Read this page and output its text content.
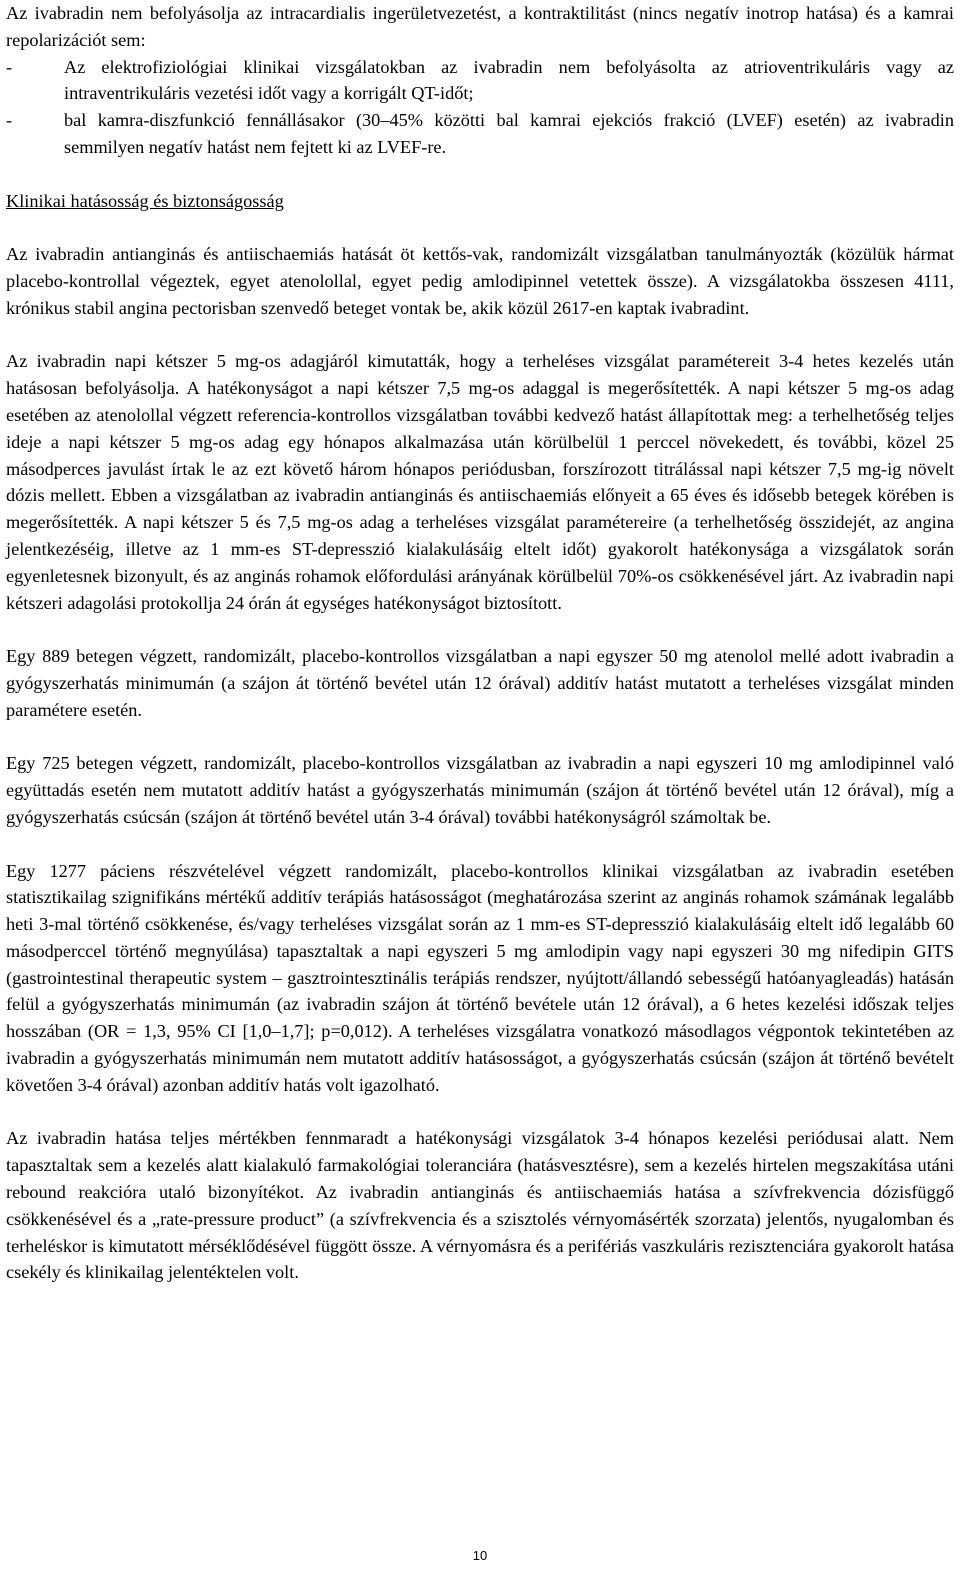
Az ivabradin nem befolyásolja az intracardialis ingerületvezetést, a kontraktilitást (nincs negatív inotrop hatása) és a kamrai repolarizációt sem:

-	Az elektrofiziológiai klinikai vizsgálatokban az ivabradin nem befolyásolta az atrioventrikuláris vagy az intraventrikuláris vezetési időt vagy a korrigált QT-időt;

-	bal kamra-diszfunkció fennállásakor (30–45% közötti bal kamrai ejekciós frakció (LVEF) esetén) az ivabradin semmilyen negatív hatást nem fejtett ki az LVEF-re.

Klinikai hatásosság és biztonságosság

Az ivabradin antianginás és antiischaemiás hatását öt kettős-vak, randomizált vizsgálatban tanulmányozták (közülük hármat placebo-kontrollal végeztek, egyet atenolollal, egyet pedig amlodipinnel vetettek össze). A vizsgálatokba összesen 4111, krónikus stabil angina pectorisban szenvedő beteget vontak be, akik közül 2617-en kaptak ivabradint.

Az ivabradin napi kétszer 5 mg-os adagjáról kimutatták, hogy a terheléses vizsgálat paramétereit 3-4 hetes kezelés után hatásosan befolyásolja. A hatékonyságot a napi kétszer 7,5 mg-os adaggal is megerősítették. A napi kétszer 5 mg-os adag esetében az atenolollal végzett referencia-kontrollos vizsgálatban további kedvező hatást állapítottak meg: a terhelhetőség teljes ideje a napi kétszer 5 mg-os adag egy hónapos alkalmazása után körülbelül 1 perccel növekedett, és további, közel 25 másodperces javulást írtak le az ezt követő három hónapos periódusban, forszírozott titrálással napi kétszer 7,5 mg-ig növelt dózis mellett. Ebben a vizsgálatban az ivabradin antianginás és antiischaemiás előnyeit a 65 éves és idősebb betegek körében is megerősítették. A napi kétszer 5 és 7,5 mg-os adag a terheléses vizsgálat paramétereire (a terhelhetőség összidejét, az angina jelentkezéséig, illetve az 1 mm-es ST-depresszió kialakulásáig eltelt időt) gyakorolt hatékonysága a vizsgálatok során egyenletesnek bizonyult, és az anginás rohamok előfordulási arányának körülbelül 70%-os csökkenésével járt. Az ivabradin napi kétszeri adagolási protokollja 24 órán át egységes hatékonyságot biztosított.

Egy 889 betegen végzett, randomizált, placebo-kontrollos vizsgálatban a napi egyszer 50 mg atenolol mellé adott ivabradin a gyógyszerhatás minimumán (a szájon át történő bevétel után 12 órával) additív hatást mutatott a terheléses vizsgálat minden paramétere esetén.

Egy 725 betegen végzett, randomizált, placebo-kontrollos vizsgálatban az ivabradin a napi egyszeri 10 mg amlodipinnel való együttadás esetén nem mutatott additív hatást a gyógyszerhatás minimumán (szájon át történő bevétel után 12 órával), míg a gyógyszerhatás csúcsán (szájon át történő bevétel után 3-4 órával) további hatékonyságról számoltak be.

Egy 1277 páciens részvételével végzett randomizált, placebo-kontrollos klinikai vizsgálatban az ivabradin esetében statisztikailag szignifikáns mértékű additív terápiás hatásosságot (meghatározása szerint az anginás rohamok számának legalább heti 3-mal történő csökkenése, és/vagy terheléses vizsgálat során az 1 mm-es ST-depresszió kialakulásáig eltelt idő legalább 60 másodperccel történő megnyúlása) tapasztaltak a napi egyszeri 5 mg amlodipin vagy napi egyszeri 30 mg nifedipin GITS (gastrointestinal therapeutic system – gasztrointesztinális terápiás rendszer, nyújtott/állandó sebességű hatóanyagleadás) hatásán felül a gyógyszerhatás minimumán (az ivabradin szájon át történő bevétele után 12 órával), a 6 hetes kezelési időszak teljes hosszában (OR = 1,3, 95% CI [1,0–1,7]; p=0,012). A terheléses vizsgálatra vonatkozó másodlagos végpontok tekintetében az ivabradin a gyógyszerhatás minimumán nem mutatott additív hatásosságot, a gyógyszerhatás csúcsán (szájon át történő bevételt követően 3-4 órával) azonban additív hatás volt igazolható.

Az ivabradin hatása teljes mértékben fennmaradt a hatékonysági vizsgálatok 3-4 hónapos kezelési periódusai alatt. Nem tapasztaltak sem a kezelés alatt kialakuló farmakológiai toleranciára (hatásvesztésre), sem a kezelés hirtelen megszakítása utáni rebound reakcióra utaló bizonyítékot. Az ivabradin antianginás és antiischaemiás hatása a szívfrekvencia dózisfüggő csökkenésével és a „rate-pressure product” (a szívfrekvencia és a szisztolés vérnyomásérték szorzata) jelentős, nyugalomban és terheléskor is kimutatott mérséklődésével függött össze. A vérnyomásra és a perifériás vaszkuláris rezisztenciára gyakorolt hatása csekély és klinikailag jelentéktelen volt.

10
